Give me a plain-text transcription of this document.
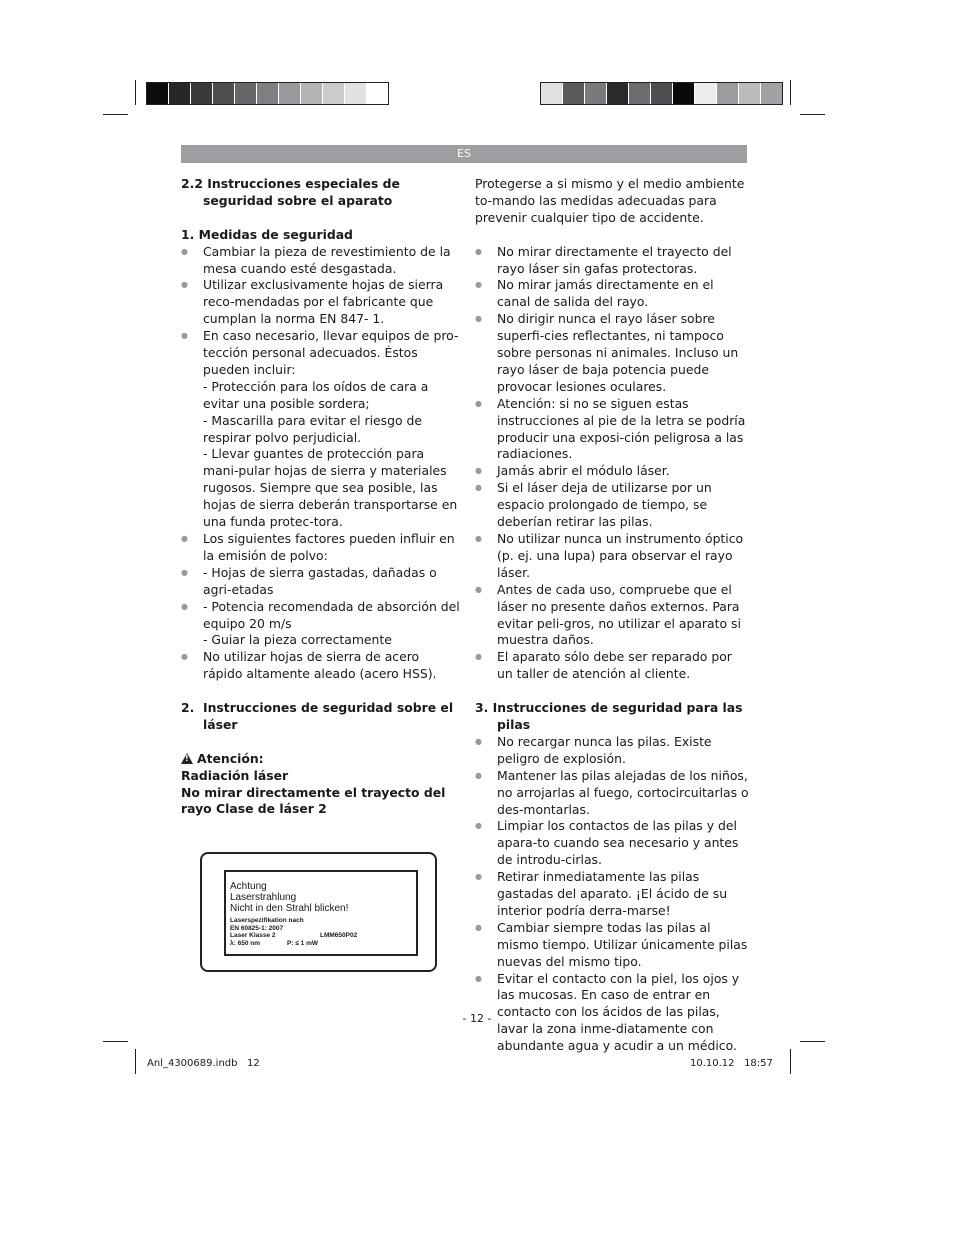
ES

2.2 Instrucciones especiales de seguridad sobre el aparato

1. Medidas de seguridad

● Cambiar la pieza de revestimiento de la mesa cuando esté desgastada.

● Utilizar exclusivamente hojas de sierra reco-mendadas por el fabricante que cumplan la norma EN 847- 1.

● En caso necesario, llevar equipos de pro-tección personal adecuados. Éstos pueden incluir:

- Protección para los oídos de cara a evitar una posible sordera;

- Mascarilla para evitar el riesgo de respirar polvo perjudicial.

- Llevar guantes de protección para mani-pular hojas de sierra y materiales rugosos. Siempre que sea posible, las hojas de sierra deberán transportarse en una funda protec-tora.

● Los siguientes factores pueden influir en la emisión de polvo:

● - Hojas de sierra gastadas, dañadas o agri-etadas

● - Potencia recomendada de absorción del equipo 20 m/s
- Guiar la pieza correctamente

● No utilizar hojas de sierra de acero rápido altamente aleado (acero HSS).

2. Instrucciones de seguridad sobre el láser

!Atención:

Radiación láser

No mirar directamente el trayecto del rayo Clase de láser 2

Achtung
Laserstrahlung
Nicht in den Strahl blicken!
Laserspezifikation nach
EN 60825-1: 2007
Laser Klasse 2	LMM650P02
λ: 650 nm	P: ≤ 1 mW

Protegerse a si mismo y el medio ambiente to-mando las medidas adecuadas para prevenir cualquier tipo de accidente.

● No mirar directamente el trayecto del rayo láser sin gafas protectoras.

● No mirar jamás directamente en el canal de salida del rayo.

● No dirigir nunca el rayo láser sobre superfi-cies reflectantes, ni tampoco sobre personas ni animales. Incluso un rayo láser de baja potencia puede provocar lesiones oculares.

● Atención: si no se siguen estas instrucciones al pie de la letra se podría producir una exposi-ción peligrosa a las radiaciones.

● Jamás abrir el módulo láser.

● Si el láser deja de utilizarse por un espacio prolongado de tiempo, se deberían retirar las pilas.

● No utilizar nunca un instrumento óptico (p. ej. una lupa) para observar el rayo láser.

● Antes de cada uso, compruebe que el láser no presente daños externos. Para evitar peli-gros, no utilizar el aparato si muestra daños.

● El aparato sólo debe ser reparado por un taller de atención al cliente.

3. Instrucciones de seguridad para las pilas

● No recargar nunca las pilas. Existe peligro de explosión.

● Mantener las pilas alejadas de los niños, no arrojarlas al fuego, cortocircuitarlas o des-montarlas.

● Limpiar los contactos de las pilas y del apara-to cuando sea necesario y antes de introdu-cirlas.

● Retirar inmediatamente las pilas gastadas del aparato. ¡El ácido de su interior podría derra-marse!

● Cambiar siempre todas las pilas al mismo tiempo. Utilizar únicamente pilas nuevas del mismo tipo.

● Evitar el contacto con la piel, los ojos y las mucosas. En caso de entrar en contacto con los ácidos de las pilas, lavar la zona inme-diatamente con abundante agua y acudir a un médico.

- 12 -
Anl_4300689.indb   12	10.10.12   18:57
